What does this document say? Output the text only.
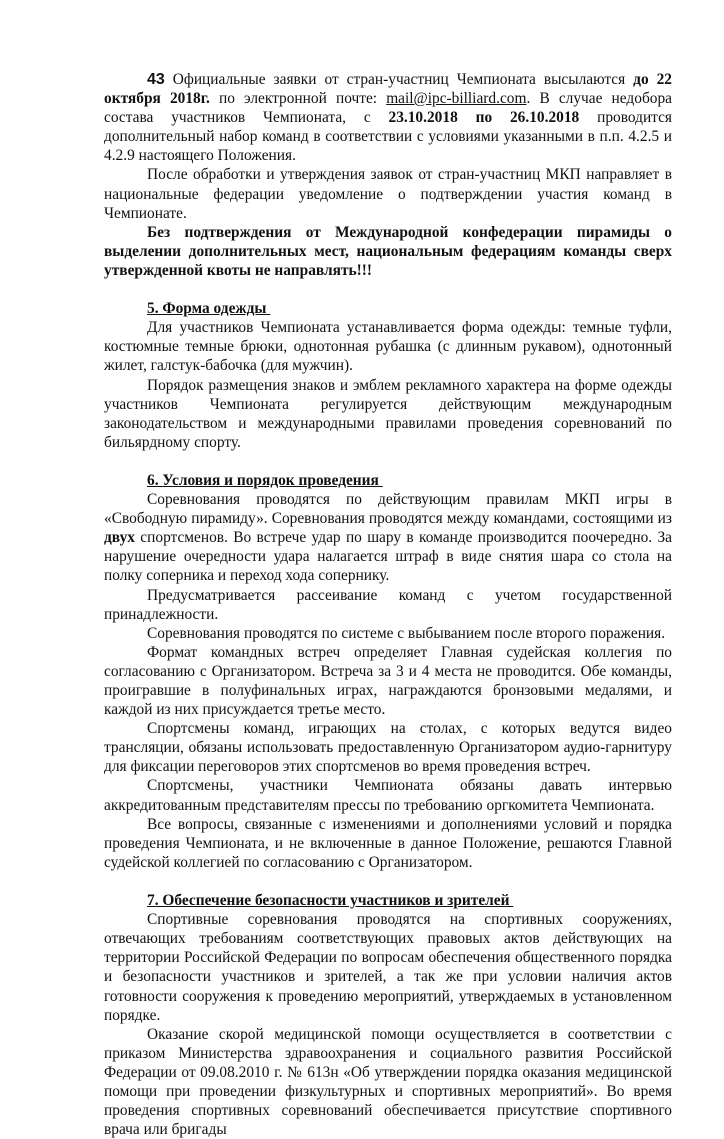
43 Официальные заявки от стран-участниц Чемпионата высылаются до 22 октября 2018г. по электронной почте: mail@ipc-billiard.com. В случае недобора состава участников Чемпионата, с 23.10.2018 по 26.10.2018 проводится дополнительный набор команд в соответствии с условиями указанными в п.п. 4.2.5 и 4.2.9 настоящего Положения.

После обработки и утверждения заявок от стран-участниц МКП направляет в национальные федерации уведомление о подтверждении участия команд в Чемпионате.

Без подтверждения от Международной конфедерации пирамиды о выделении дополнительных мест, национальным федерациям команды сверх утвержденной квоты не направлять!!!

5. Форма одежды

Для участников Чемпионата устанавливается форма одежды: темные туфли, костюмные темные брюки, однотонная рубашка (с длинным рукавом), однотонный жилет, галстук-бабочка (для мужчин).

Порядок размещения знаков и эмблем рекламного характера на форме одежды участников Чемпионата регулируется действующим международным законодательством и международными правилами проведения соревнований по бильярдному спорту.

6. Условия и порядок проведения

Соревнования проводятся по действующим правилам МКП игры в «Свободную пирамиду». Соревнования проводятся между командами, состоящими из двух спортсменов. Во встрече удар по шару в команде производится поочередно. За нарушение очередности удара налагается штраф в виде снятия шара со стола на полку соперника и переход хода сопернику.

Предусматривается рассеивание команд с учетом государственной принадлежности.

Соревнования проводятся по системе с выбыванием после второго поражения.

Формат командных встреч определяет Главная судейская коллегия по согласованию с Организатором. Встреча за 3 и 4 места не проводится. Обе команды, проигравшие в полуфинальных играх, награждаются бронзовыми медалями, и каждой из них присуждается третье место.

Спортсмены команд, играющих на столах, с которых ведутся видео трансляции, обязаны использовать предоставленную Организатором аудио-гарнитуру для фиксации переговоров этих спортсменов во время проведения встреч.

Спортсмены, участники Чемпионата обязаны давать интервью аккредитованным представителям прессы по требованию оргкомитета Чемпионата.

Все вопросы, связанные с изменениями и дополнениями условий и порядка проведения Чемпионата, и не включенные в данное Положение, решаются Главной судейской коллегией по согласованию с Организатором.

7. Обеспечение безопасности участников и зрителей

Спортивные соревнования проводятся на спортивных сооружениях, отвечающих требованиям соответствующих правовых актов действующих на территории Российской Федерации по вопросам обеспечения общественного порядка и безопасности участников и зрителей, а так же при условии наличия актов готовности сооружения к проведению мероприятий, утверждаемых в установленном порядке.

Оказание скорой медицинской помощи осуществляется в соответствии с приказом Министерства здравоохранения и социального развития Российской Федерации от 09.08.2010 г. № 613н «Об утверждении порядка оказания медицинской помощи при проведении физкультурных и спортивных мероприятий». Во время проведения спортивных соревнований обеспечивается присутствие спортивного врача или бригады
